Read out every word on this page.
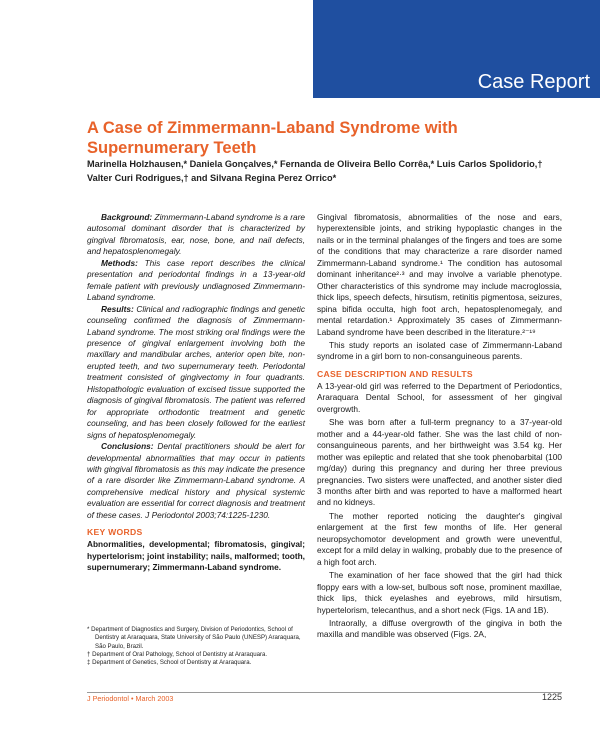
Case Report
A Case of Zimmermann-Laband Syndrome with Supernumerary Teeth

Marinella Holzhausen,* Daniela Gonçalves,* Fernanda de Oliveira Bello Corrêa,* Luis Carlos Spolidorio,† Valter Curi Rodrigues,† and Silvana Regina Perez Orrico*

Background: Zimmermann-Laband syndrome is a rare autosomal dominant disorder that is characterized by gingival fibromatosis, ear, nose, bone, and nail defects, and hepatosplenomegaly.

Methods: This case report describes the clinical presentation and periodontal findings in a 13-year-old female patient with previously undiagnosed Zimmermann-Laband syndrome.

Results: Clinical and radiographic findings and genetic counseling confirmed the diagnosis of Zimmermann-Laband syndrome. The most striking oral findings were the presence of gingival enlargement involving both the maxillary and mandibular arches, anterior open bite, non-erupted teeth, and two supernumerary teeth. Periodontal treatment consisted of gingivectomy in four quadrants. Histopathologic evaluation of excised tissue supported the diagnosis of gingival fibromatosis. The patient was referred for appropriate orthodontic treatment and genetic counseling, and has been closely followed for the earliest signs of hepatosplenomegaly.

Conclusions: Dental practitioners should be alert for developmental abnormalities that may occur in patients with gingival fibromatosis as this may indicate the presence of a rare disorder like Zimmermann-Laband syndrome. A comprehensive medical history and physical systemic evaluation are essential for correct diagnosis and treatment of these cases. J Periodontol 2003;74:1225-1230.

KEY WORDS

Abnormalities, developmental; fibromatosis, gingival; hypertelorism; joint instability; nails, malformed; tooth, supernumerary; Zimmermann-Laband syndrome.

Gingival fibromatosis, abnormalities of the nose and ears, hyperextensible joints, and striking hypoplastic changes in the nails or in the terminal phalanges of the fingers and toes are some of the conditions that may characterize a rare disorder named Zimmermann-Laband syndrome.¹ The condition has autosomal dominant inheritance²·³ and may involve a variable phenotype. Other characteristics of this syndrome may include macroglossia, thick lips, speech defects, hirsutism, retinitis pigmentosa, seizures, spina bifida occulta, high foot arch, hepatosplenomegaly, and mental retardation.¹ Approximately 35 cases of Zimmermann-Laband syndrome have been described in the literature.²⁻¹⁹

This study reports an isolated case of Zimmermann-Laband syndrome in a girl born to non-consanguineous parents.

CASE DESCRIPTION AND RESULTS

A 13-year-old girl was referred to the Department of Periodontics, Araraquara Dental School, for assessment of her gingival overgrowth.

She was born after a full-term pregnancy to a 37-year-old mother and a 44-year-old father. She was the last child of non-consanguineous parents, and her birthweight was 3.54 kg. Her mother was epileptic and related that she took phenobarbital (100 mg/day) during this pregnancy and during her three previous pregnancies. Two sisters were unaffected, and another sister died 3 months after birth and was reported to have a malformed heart and no kidneys.

The mother reported noticing the daughter's gingival enlargement at the first few months of life. Her general neuropsychomotor development and growth were uneventful, except for a mild delay in walking, probably due to the presence of a high foot arch.

The examination of her face showed that the girl had thick floppy ears with a low-set, bulbous soft nose, prominent maxillae, thick lips, thick eyelashes and eyebrows, mild hirsutism, hypertelorism, telecanthus, and a short neck (Figs. 1A and 1B).

Intraorally, a diffuse overgrowth of the gingiva in both the maxilla and mandible was observed (Figs. 2A,

* Department of Diagnostics and Surgery, Division of Periodontics, School of Dentistry at Araraquara, State University of São Paulo (UNESP) Araraquara, São Paulo, Brazil.
† Department of Oral Pathology, School of Dentistry at Araraquara.
‡ Department of Genetics, School of Dentistry at Araraquara.
J Periodontol • March 2003	1225
